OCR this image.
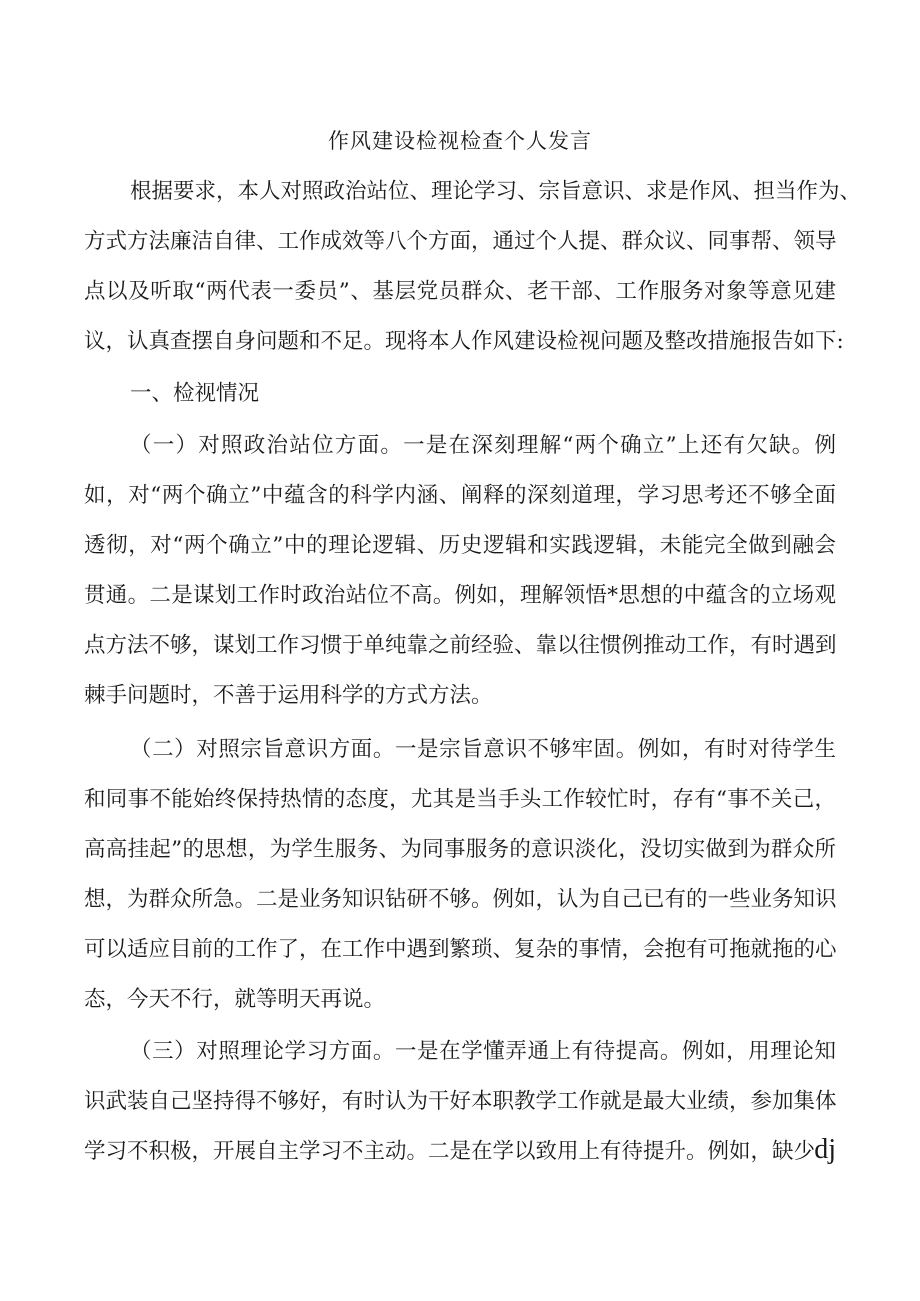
作风建设检视检查个人发言
根据要求，本人对照政治站位、理论学习、宗旨意识、求是作风、担当作为、
方式方法廉洁自律、工作成效等八个方面，通过个人提、群众议、同事帮、领导
点以及听取“两代表一委员”、基层党员群众、老干部、工作服务对象等意见建
议，认真查摆自身问题和不足。现将本人作风建设检视问题及整改措施报告如下:
一、检视情况
（一）对照政治站位方面。一是在深刻理解“两个确立”上还有欠缺。例
如，对“两个确立”中蕴含的科学内涵、阐释的深刻道理，学习思考还不够全面
透彻，对“两个确立”中的理论逻辑、历史逻辑和实践逻辑，未能完全做到融会
贯通。二是谋划工作时政治站位不高。例如，理解领悟*思想的中蕴含的立场观
点方法不够，谋划工作习惯于单纯靠之前经验、靠以往惯例推动工作，有时遇到
棘手问题时，不善于运用科学的方式方法。
（二）对照宗旨意识方面。一是宗旨意识不够牢固。例如，有时对待学生
和同事不能始终保持热情的态度，尤其是当手头工作较忙时，存有“事不关己，
高高挂起”的思想，为学生服务、为同事服务的意识淡化，没切实做到为群众所
想，为群众所急。二是业务知识钻研不够。例如，认为自己已有的一些业务知识
可以适应目前的工作了，在工作中遇到繁琐、复杂的事情，会抱有可拖就拖的心
态，今天不行，就等明天再说。
（三）对照理论学习方面。一是在学懂弄通上有待提高。例如，用理论知
识武装自己坚持得不够好，有时认为干好本职教学工作就是最大业绩，参加集体
学习不积极，开展自主学习不主动。二是在学以致用上有待提升。例如，缺少 dj
